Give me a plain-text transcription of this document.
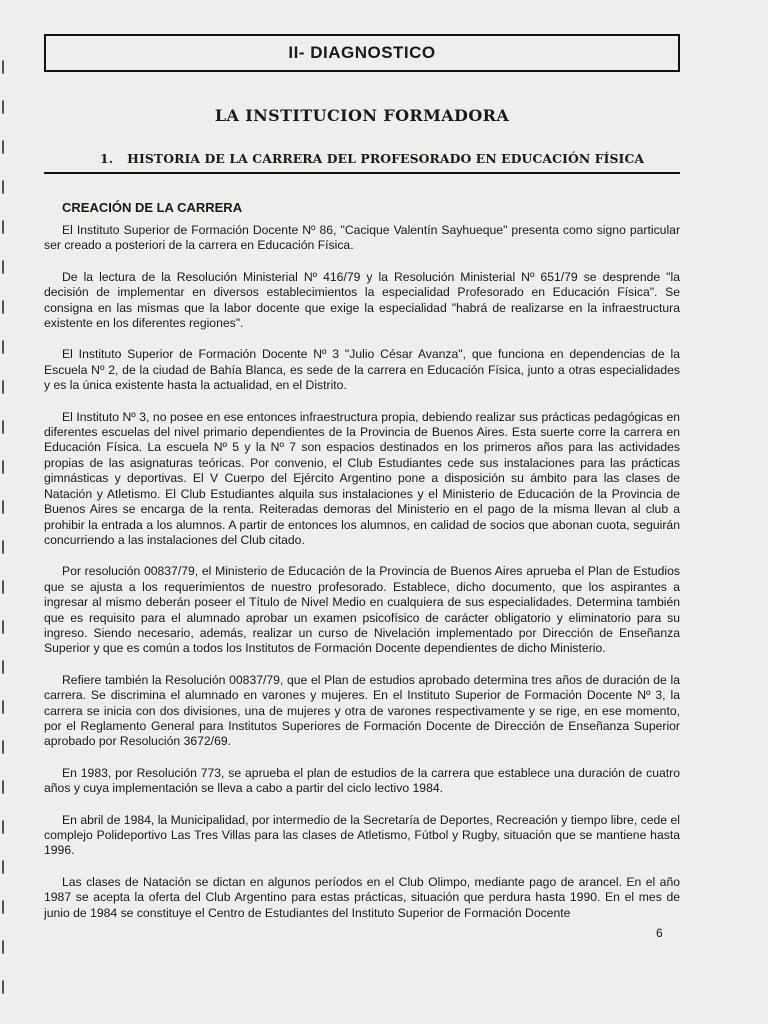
II- DIAGNOSTICO
LA INSTITUCION FORMADORA
1. HISTORIA DE LA CARRERA DEL PROFESORADO EN EDUCACIÓN FÍSICA
CREACIÓN DE LA CARRERA

El Instituto Superior de Formación Docente Nº 86, "Cacique Valentín Sayhueque" presenta como signo particular ser creado a posteriori de la carrera en Educación Física.

De la lectura de la Resolución Ministerial Nº 416/79 y la Resolución Ministerial Nº 651/79 se desprende "la decisión de implementar en diversos establecimientos la especialidad Profesorado en Educación Física". Se consigna en las mismas que la labor docente que exige la especialidad "habrá de realizarse en la infraestructura existente en los diferentes regiones".

El Instituto Superior de Formación Docente Nº 3 "Julio César Avanza", que funciona en dependencias de la Escuela Nº 2, de la ciudad de Bahía Blanca, es sede de la carrera en Educación Física, junto a otras especialidades y es la única existente hasta la actualidad, en el Distrito.

El Instituto Nº 3, no posee en ese entonces infraestructura propia, debiendo realizar sus prácticas pedagógicas en diferentes escuelas del nivel primario dependientes de la Provincia de Buenos Aires. Esta suerte corre la carrera en Educación Física. La escuela Nº 5 y la Nº 7 son espacios destinados en los primeros años para las actividades propias de las asignaturas teóricas. Por convenio, el Club Estudiantes cede sus instalaciones para las prácticas gimnásticas y deportivas. El V Cuerpo del Ejército Argentino pone a disposición su ámbito para las clases de Natación y Atletismo. El Club Estudiantes alquila sus instalaciones y el Ministerio de Educación de la Provincia de Buenos Aires se encarga de la renta. Reiteradas demoras del Ministerio en el pago de la misma llevan al club a prohibir la entrada a los alumnos. A partir de entonces los alumnos, en calidad de socios que abonan cuota, seguirán concurriendo a las instalaciones del Club citado.

Por resolución 00837/79, el Ministerio de Educación de la Provincia de Buenos Aires aprueba el Plan de Estudios que se ajusta a los requerimientos de nuestro profesorado. Establece, dicho documento, que los aspirantes a ingresar al mismo deberán poseer el Título de Nivel Medio en cualquiera de sus especialidades. Determina también que es requisito para el alumnado aprobar un examen psicofísico de carácter obligatorio y eliminatorio para su ingreso. Siendo necesario, además, realizar un curso de Nivelación implementado por Dirección de Enseñanza Superior y que es común a todos los Institutos de Formación Docente dependientes de dicho Ministerio.

Refiere también la Resolución 00837/79, que el Plan de estudios aprobado determina tres años de duración de la carrera. Se discrimina el alumnado en varones y mujeres. En el Instituto Superior de Formación Docente Nº 3, la carrera se inicia con dos divisiones, una de mujeres y otra de varones respectivamente y se rige, en ese momento, por el Reglamento General para Institutos Superiores de Formación Docente de Dirección de Enseñanza Superior aprobado por Resolución 3672/69.

En 1983, por Resolución 773, se aprueba el plan de estudios de la carrera que establece una duración de cuatro años y cuya implementación se lleva a cabo a partir del ciclo lectivo 1984.

En abril de 1984, la Municipalidad, por intermedio de la Secretaría de Deportes, Recreación y tiempo libre, cede el complejo Polideportivo Las Tres Villas para las clases de Atletismo, Fútbol y Rugby, situación que se mantiene hasta 1996.

Las clases de Natación se dictan en algunos períodos en el Club Olimpo, mediante pago de arancel. En el año 1987 se acepta la oferta del Club Argentino para estas prácticas, situación que perdura hasta 1990. En el mes de junio de 1984 se constituye el Centro de Estudiantes del Instituto Superior de Formación Docente

6
